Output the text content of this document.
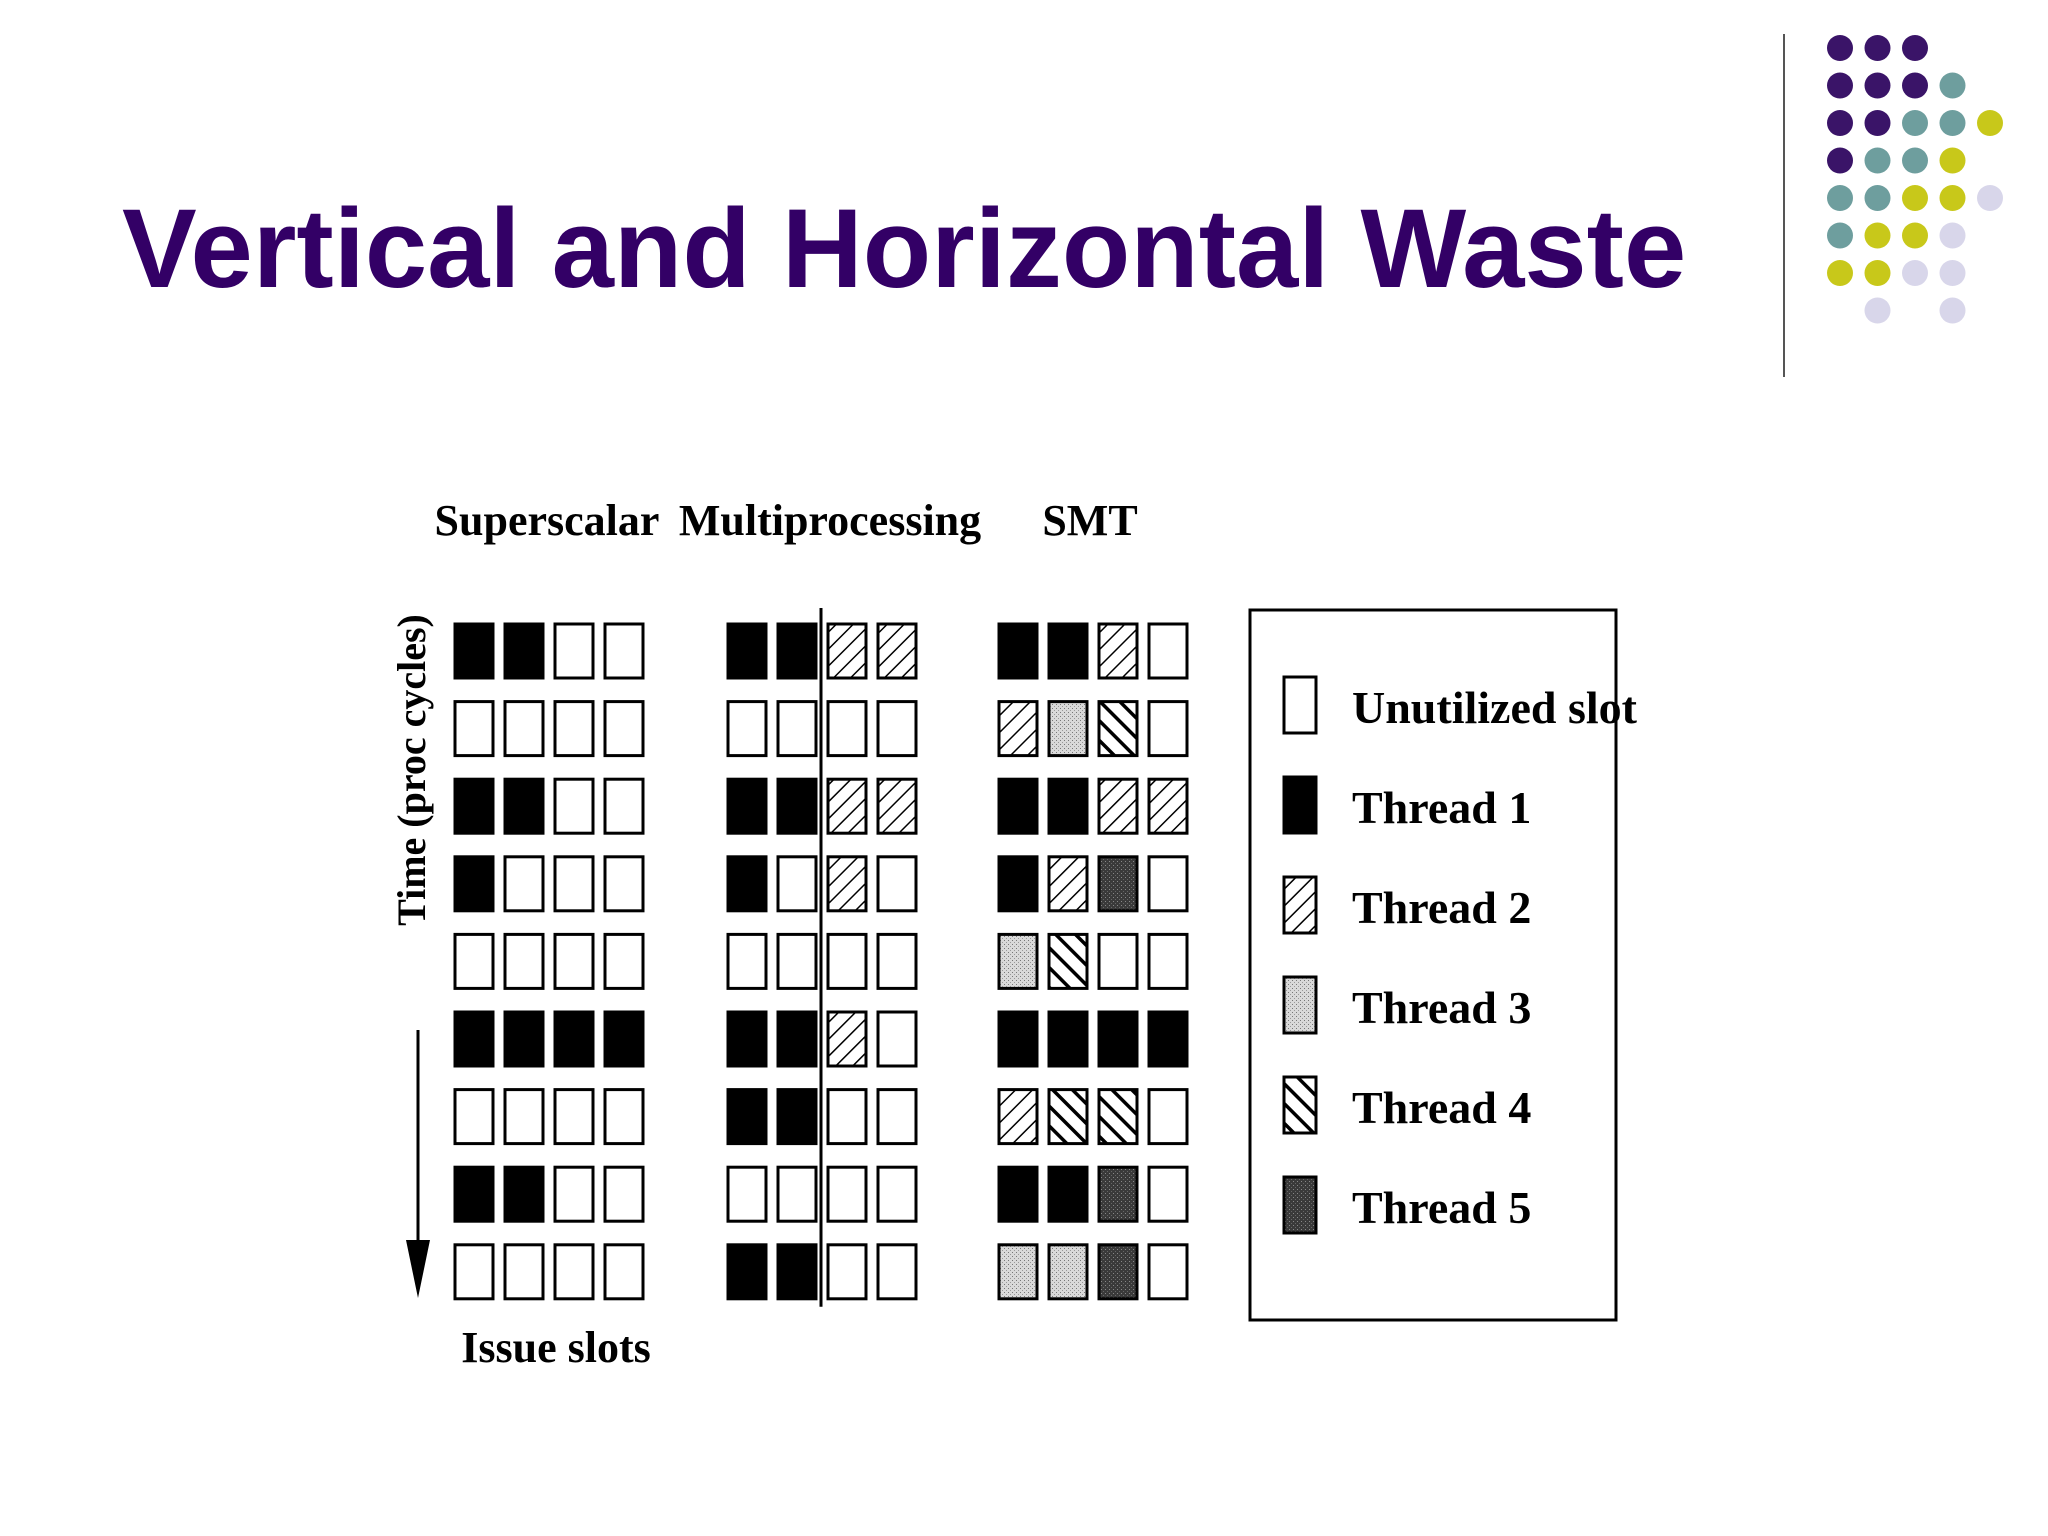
Vertical and Horizontal Waste
Superscalar Multiprocessing SMT
Time (proc cycles)
Issue slots
Unutilized slot
Thread 1
Thread 2
Thread 3
Thread 4
Thread 5
